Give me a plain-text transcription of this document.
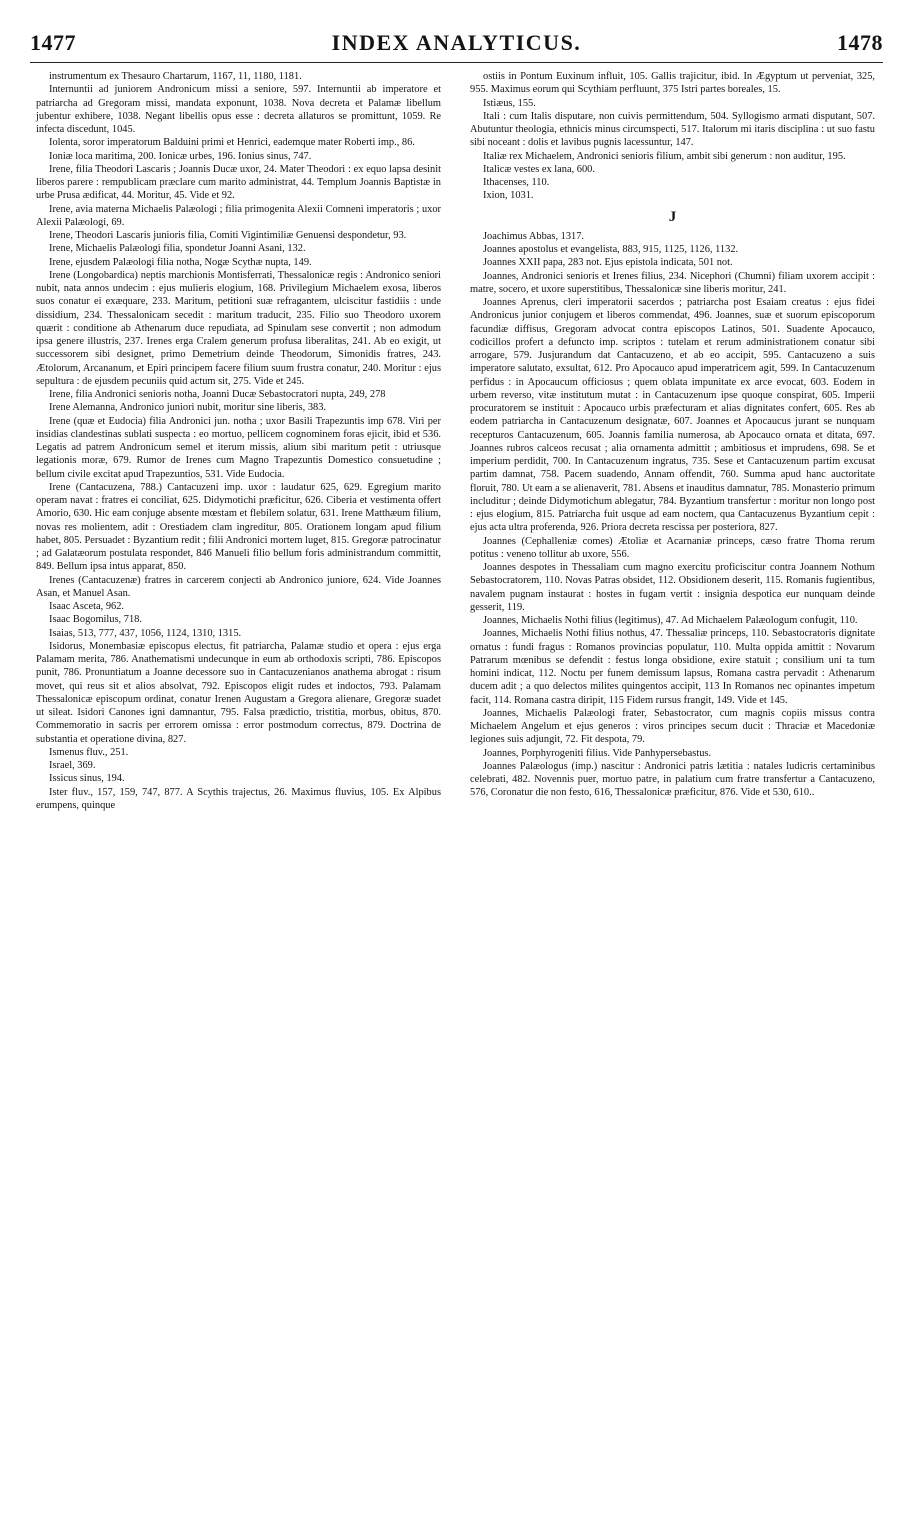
1477	INDEX ANALYTICUS.	1478

instrumentum ex Thesauro Chartarum, 1167, 11, 1180, 1181.

Internuntii ad juniorem Andronicum missi a seniore, 597. Internuntii ab imperatore et patriarcha ad Gregoram missi, mandata exponunt, 1038. Nova decreta et Palamæ libellum jubentur exhibere, 1038. Negant libellis opus esse : decreta allaturos se promittunt, 1059. Re infecta discedunt, 1045.

Iolenta, soror imperatorum Balduini primi et Henrici, eademque mater Roberti imp., 86.

Ioniæ loca maritima, 200. Ionicæ urbes, 196. Ionius sinus, 747.

Irene, filia Theodori Lascaris ; Joannis Ducæ uxor, 24. Mater Theodori : ex equo lapsa desinit liberos parere : rempublicam præclare cum marito administrat, 44. Templum Joannis Baptistæ in urbe Prusa ædificat, 44. Moritur, 45. Vide et 92.

Irene, avia materna Michaelis Palæologi ; filia primogenita Alexii Comneni imperatoris ; uxor Alexii Palæologi, 69.

Irene, Theodori Lascaris junioris filia, Comiti Vigintimiliæ Genuensi despondetur, 93.

Irene, Michaelis Palæologi filia, spondetur Joanni Asani, 132.

Irene, ejusdem Palæologi filia notha, Nogæ Scythæ nupta, 149.

Irene (Longobardica) neptis marchionis Montisferrati, Thessalonicæ regis : Andronico seniori nubit, nata annos undecim : ejus mulieris elogium, 168. Privilegium Michaelem exosa, liberos suos conatur ei exæquare, 233. Maritum, petitioni suæ refragantem, ulciscitur fastidiis : unde dissidium, 234. Thessalonicam secedit : maritum traducit, 235. Filio suo Theodoro uxorem quærit : conditione ab Athenarum duce repudiata, ad Spinulam sese convertit ; non admodum ipsa genere illustris, 237. Irenes erga Cralem generum profusa liberalitas, 241. Ab eo exigit, ut successorem sibi designet, primo Demetrium deinde Theodorum, Simonidis fratres, 243. Ætolorum, Arcananum, et Epiri principem facere filium suum frustra conatur, 240. Moritur : ejus sepultura : de ejusdem pecuniis quid actum sit, 275. Vide et 245.

Irene, filia Andronici senioris notha, Joanni Ducæ Sebastocratori nupta, 249, 278

Irene Alemanna, Andronico juniori nubit, moritur sine liberis, 383.

Irene (quæ et Eudocia) filia Andronici jun. notha ; uxor Basili Trapezuntis imp 678. Viri per insidias clandestinas sublati suspecta : eo mortuo, pellicem cognominem foras ejicit, ibid et 536. Legatis ad patrem Andronicum semel et iterum missis, alium sibi maritum petit : utriusque legationis moræ, 679. Rumor de Irenes cum Magno Trapezuntis Domestico consuetudine ; bellum civile excitat apud Trapezuntios, 531. Vide Eudocia.

Irene (Cantacuzena, 788.) Cantacuzeni imp. uxor : laudatur 625, 629. Egregium marito operam navat : fratres ei conciliat, 625. Didymotichi præficitur, 626. Ciberia et vestimenta offert Amorio, 630. Hic eam conjuge absente mœstam et flebilem solatur, 631. Irene Matthæum filium, novas res molientem, adit : Orestiadem clam ingreditur, 805. Orationem longam apud filium habet, 805. Persuadet : Byzantium redit ; filii Andronici mortem luget, 815. Gregoræ patrocinatur ; ad Galatæorum postulata respondet, 846 Manueli filio bellum foris administrandum committit, 849. Bellum ipsa intus apparat, 850.

Irenes (Cantacuzenæ) fratres in carcerem conjecti ab Andronico juniore, 624. Vide Joannes Asan, et Manuel Asan.

Isaac Asceta, 962.

Isaac Bogomilus, 718.

Isaias, 513, 777, 437, 1056, 1124, 1310, 1315.

Isidorus, Monembasiæ episcopus electus, fit patriarcha, Palamæ studio et opera : ejus erga Palamam merita, 786. Anathematismi undecunque in eum ab orthodoxis scripti, 786. Episcopos punit, 786. Pronuntiatum a Joanne decessore suo in Cantacuzenianos anathema abrogat : risum movet, qui reus sit et alios absolvat, 792. Episcopos eligit rudes et indoctos, 793. Palamam Thessalonicæ episcopum ordinat, conatur Irenen Augustam a Gregora alienare, Gregoræ suadet ut sileat. Isidori Canones igni damnantur, 795. Falsa prædictio, tristitia, morbus, obitus, 870. Commemoratio in sacris per errorem omissa : error postmodum correctus, 879. Doctrina de substantia et operatione divina, 827.

Ismenus fluv., 251.

Israel, 369.

Issicus sinus, 194.

Ister fluv., 157, 159, 747, 877. A Scythis trajectus, 26. Maximus fluvius, 105. Ex Alpibus erumpens, quinque

ostiis in Pontum Euxinum influit, 105. Gallis trajicitur, ibid. In Ægyptum ut perveniat, 325, 955. Maximus eorum qui Scythiam perfluunt, 375 Istri partes boreales, 15.

Istiæus, 155.

Itali : cum Italis disputare, non cuivis permittendum, 504. Syllogismo armati disputant, 507. Abutuntur theologia, ethnicis minus circumspecti, 517. Italorum mi itaris disciplina : ut suo fastu sibi noceant : dolis et lavibus pugnis lacessuntur, 147.

Italiæ rex Michaelem, Andronici senioris filium, ambit sibi generum : non auditur, 195.

Italicæ vestes ex lana, 600.

Ithacenses, 110.

Ixion, 1031.

J

Joachimus Abbas, 1317.

Joannes apostolus et evangelista, 883, 915, 1125, 1126, 1132.

Joannes XXII papa, 283 not. Ejus epistola indicata, 501 not.

Joannes, Andronici senioris et Irenes filius, 234. Nicephori (Chumni) filiam uxorem accipit : matre, socero, et uxore superstitibus, Thessalonicæ sine liberis moritur, 241.

Joannes Aprenus, cleri imperatorii sacerdos ; patriarcha post Esaiam creatus : ejus fidei Andronicus junior conjugem et liberos commendat, 496. Joannes, suæ et suorum episcoporum facundiæ diffisus, Gregoram advocat contra episcopos Latinos, 501. Suadente Apocauco, codicillos profert a defuncto imp. scriptos : tutelam et rerum administrationem conatur sibi arrogare, 579. Jusjurandum dat Cantacuzeno, et ab eo accipit, 595. Cantacuzeno a suis imperatore salutato, exsultat, 612. Pro Apocauco apud imperatricem agit, 599. In Cantacuzenum perfidus : in Apocaucum officiosus ; quem oblata impunitate ex arce evocat, 603. Eodem in urbem reverso, vitæ institutum mutat : in Cantacuzenum ipse quoque conspirat, 605. Imperii procuratorem se instituit : Apocauco urbis præfecturam et alias dignitates confert, 605. Res ab eodem patriarcha in Cantacuzenum designatæ, 607. Joannes et Apocaucus jurant se nunquam recepturos Cantacuzenum, 605. Joannis familia numerosa, ab Apocauco ornata et ditata, 697. Joannes rubros calceos recusat ; alia ornamenta admittit ; ambitiosus et imprudens, 698. Se et imperium perdidit, 700. In Cantacuzenum ingratus, 735. Sese et Cantacuzenum partim excusat partim damnat, 758. Pacem suadendo, Annam offendit, 760. Summa apud hanc auctoritate floruit, 780. Ut eam a se alienaverit, 781. Absens et inauditus damnatur, 785. Monasterio primum includitur ; deinde Didymotichum ablegatur, 784. Byzantium transfertur : moritur non longo post : ejus elogium, 815. Patriarcha fuit usque ad eam noctem, qua Cantacuzenus Byzantium cepit : ejus acta ultra proferenda, 926. Priora decreta rescissa per posteriora, 827.

Joannes (Cephalleniæ comes) Ætoliæ et Acarnaniæ princeps, cæso fratre Thoma rerum potitus : veneno tollitur ab uxore, 556.

Joannes despotes in Thessaliam cum magno exercitu proficiscitur contra Joannem Nothum Sebastocratorem, 110. Novas Patras obsidet, 112. Obsidionem deserit, 115. Romanis fugientibus, navalem pugnam instaurat : hostes in fugam vertit : insignia despotica eur nunquam deinde gesserit, 119.

Joannes, Michaelis Nothi filius (legitimus), 47. Ad Michaelem Palæologum confugit, 110.

Joannes, Michaelis Nothi filius nothus, 47. Thessaliæ princeps, 110. Sebastocratoris dignitate ornatus : fundi fragus : Romanos provincias populatur, 110. Multa oppida amittit : Novarum Patrarum mœnibus se defendit : festus longa obsidione, exire statuit ; consilium uni ta tum homini indicat, 112. Noctu per funem demissum lapsus, Romana castra pervadit : Athenarum ducem adit ; a quo delectos milites quingentos accipit, 113 In Romanos nec opinantes impetum facit, 114. Romana castra diripit, 115 Fidem rursus frangit, 149. Vide et 145.

Joannes, Michaelis Palæologi frater, Sebastocrator, cum magnis copiis missus contra Michaelem Angelum et ejus generos : viros principes secum ducit : Thraciæ et Macedoniæ legiones suis adjungit, 72. Fit despota, 79.

Joannes, Porphyrogeniti filius. Vide Panhypersebastus.

Joannes Palæologus (imp.) nascitur : Andronici patris lætitia : natales ludicris certaminibus celebrati, 482. Novennis puer, mortuo patre, in palatium cum fratre transfertur a Cantacuzeno, 576, Coronatur die non festo, 616, Thessalonicæ præficitur, 876. Vide et 530, 610..
